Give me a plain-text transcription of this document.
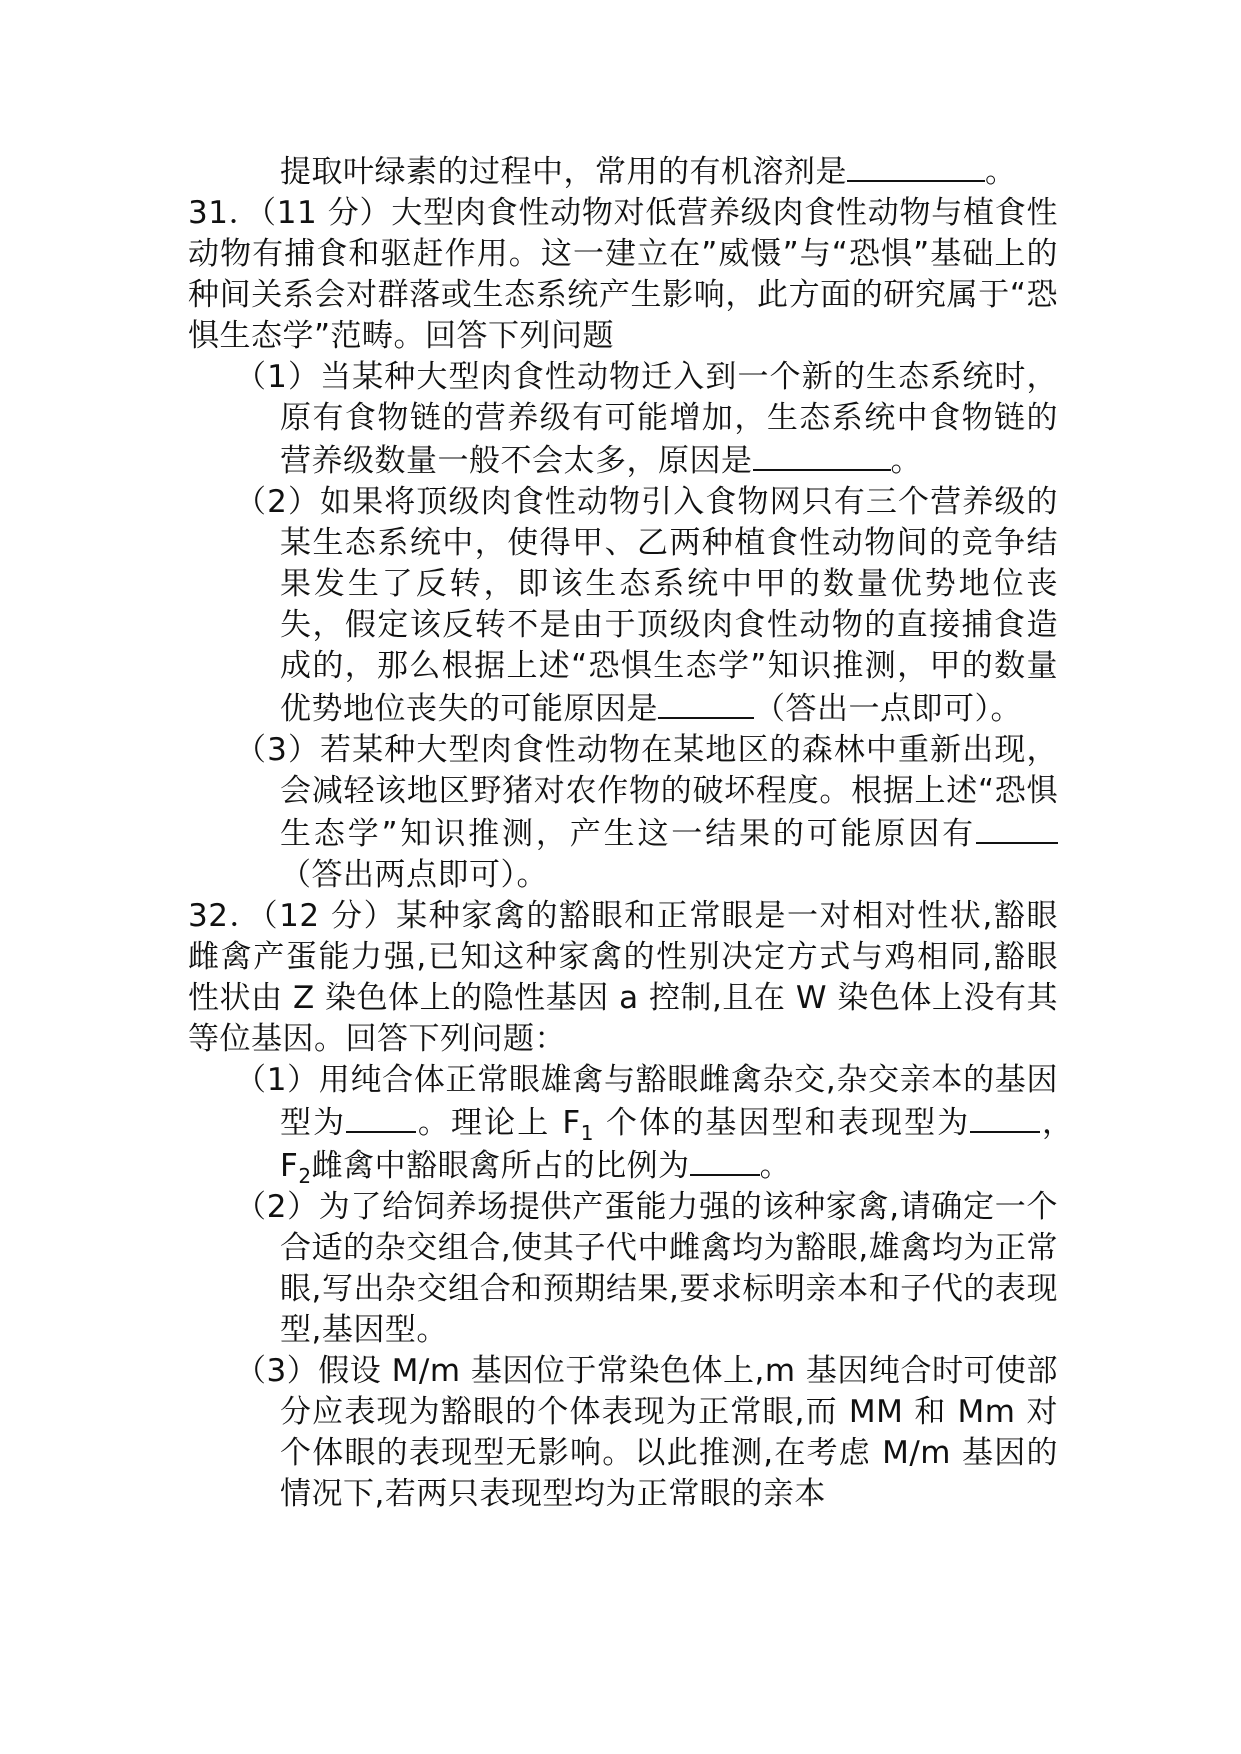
提取叶绿素的过程中，常用的有机溶剂是	。
31．（11 分）大型肉食性动物对低营养级肉食性动物与植食性动物有捕食和驱赶作用。这一建立在”威慑”与“恐惧”基础上的种间关系会对群落或生态系统产生影响，此方面的研究属于“恐惧生态学”范畴。回答下列问题
（1）当某种大型肉食性动物迁入到一个新的生态系统时，原有食物链的营养级有可能增加，生态系统中食物链的营养级数量一般不会太多，原因是	。
（2）如果将顶级肉食性动物引入食物网只有三个营养级的某生态系统中，使得甲、乙两种植食性动物间的竞争结果发生了反转，即该生态系统中甲的数量优势地位丧失，假定该反转不是由于顶级肉食性动物的直接捕食造成的，那么根据上述“恐惧生态学”知识推测，甲的数量优势地位丧失的可能原因是	（答出一点即可）。
（3）若某种大型肉食性动物在某地区的森林中重新出现，会减轻该地区野猪对农作物的破坏程度。根据上述“恐惧生态学”知识推测，产生这一结果的可能原因有（答出两点即可）。
32．（12 分）某种家禽的豁眼和正常眼是一对相对性状,豁眼雌禽产蛋能力强,已知这种家禽的性别决定方式与鸡相同,豁眼性状由 Z 染色体上的隐性基因 a 控制,且在 W 染色体上没有其等位基因。回答下列问题：
（1）用纯合体正常眼雄禽与豁眼雌禽杂交,杂交亲本的基因型为 。理论上 $F_1$ 个体的基因型和表现型为 ，　$F_2$雌禽中豁眼禽所占的比例为 。
（2）为了给饲养场提供产蛋能力强的该种家禽,请确定一个合适的杂交组合,使其子代中雌禽均为豁眼,雄禽均为正常眼,写出杂交组合和预期结果,要求标明亲本和子代的表现型,基因型。
（3）假设 M/m 基因位于常染色体上,m 基因纯合时可使部分应表现为豁眼的个体表现为正常眼,而 MM 和 Mm 对个体眼的表现型无影响。以此推测,在考虑 M/m 基因的情况下,若两只表现型均为正常眼的亲本
